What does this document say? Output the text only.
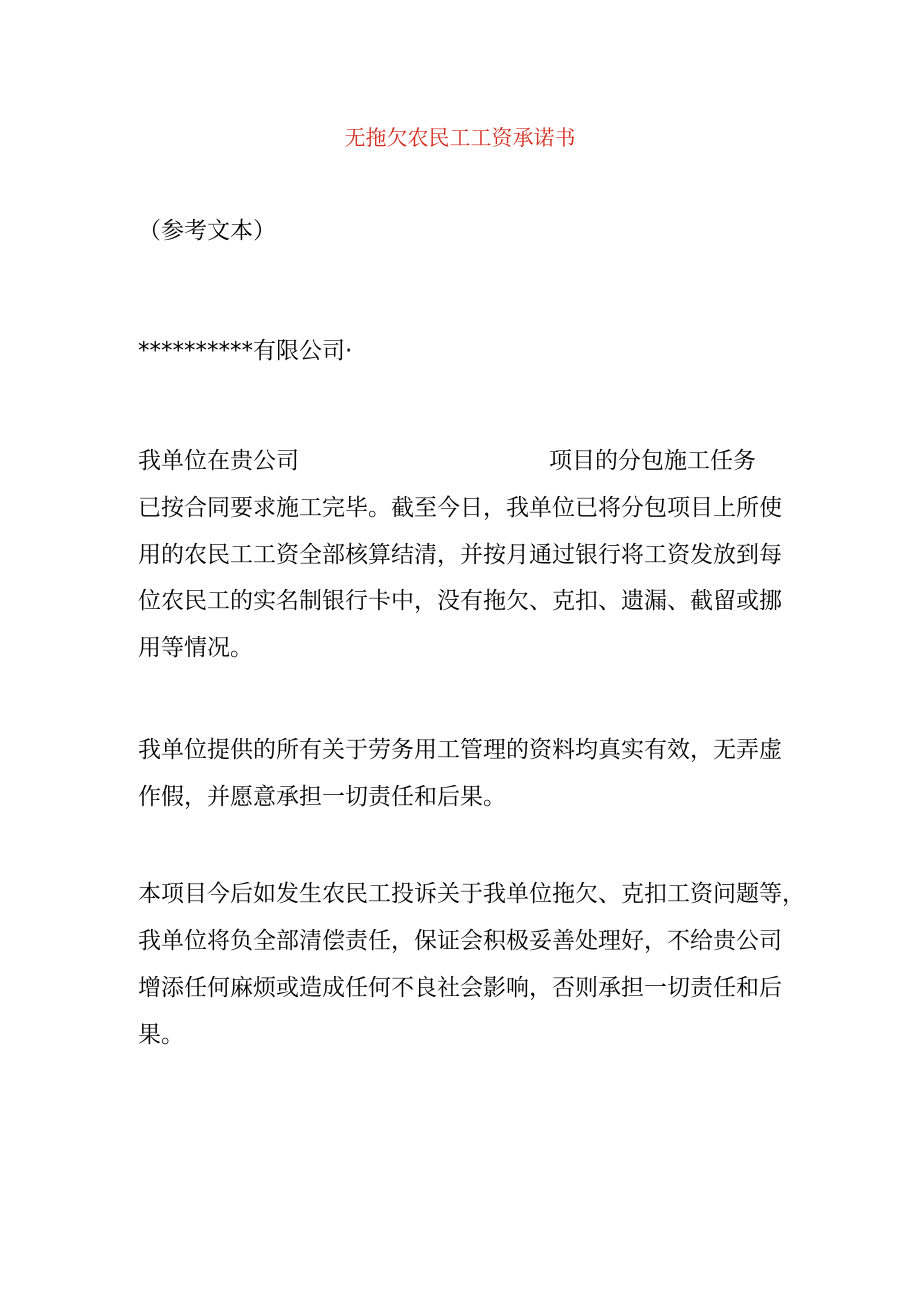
无拖欠农民工工资承诺书
（参考文本）
**********有限公司·
我单位在贵公司	项目的分包施工任务
已按合同要求施工完毕。截至今日，我单位已将分包项目上所使
用的农民工工资全部核算结清，并按月通过银行将工资发放到每
位农民工的实名制银行卡中，没有拖欠、克扣、遗漏、截留或挪
用等情况。
我单位提供的所有关于劳务用工管理的资料均真实有效，无弄虚
作假，并愿意承担一切责任和后果。
本项目今后如发生农民工投诉关于我单位拖欠、克扣工资问题等，
我单位将负全部清偿责任，保证会积极妥善处理好，不给贵公司
增添任何麻烦或造成任何不良社会影响，否则承担一切责任和后
果。
